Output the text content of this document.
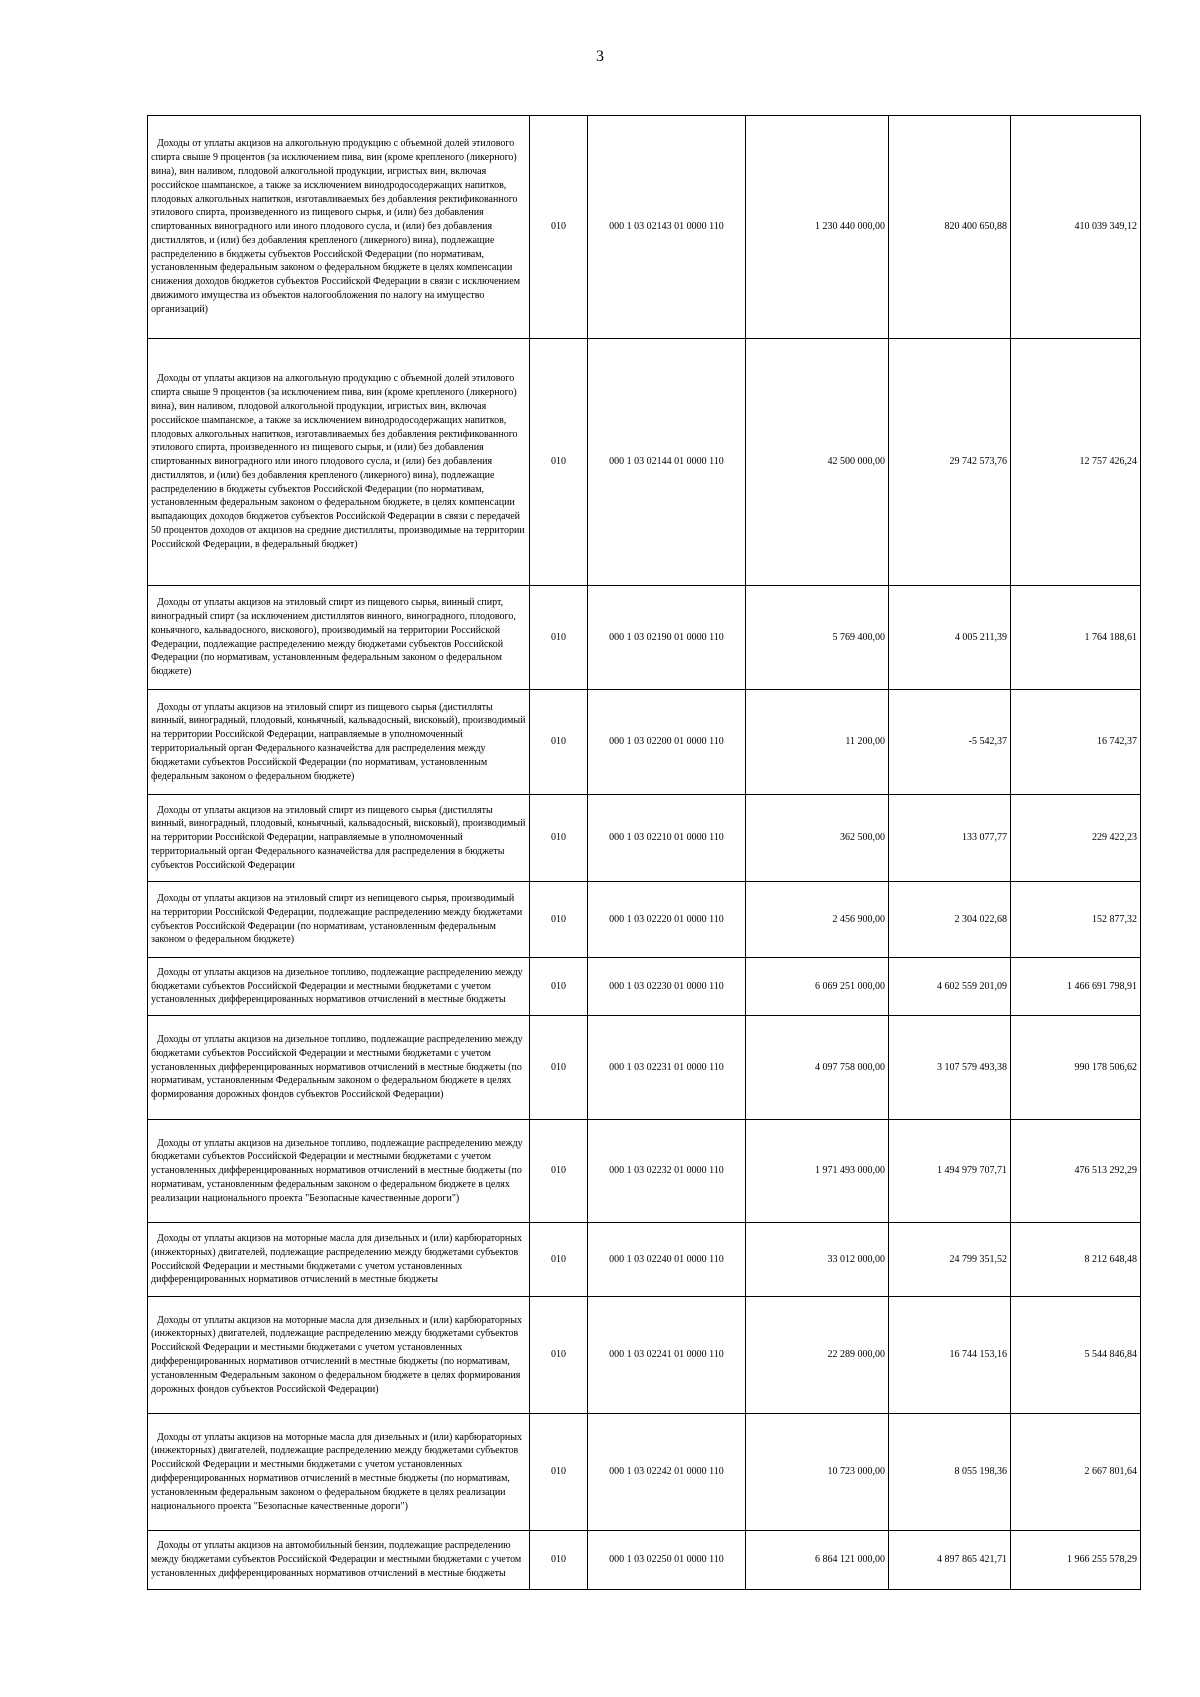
3
Доходы от уплаты акцизов на алкогольную продукцию с объемной долей этилового спирта свыше 9 процентов (за исключением пива, вин (кроме крепленого (ликерного) вина), вин наливом, плодовой алкогольной продукции, игристых вин, включая российское шампанское, а также за исключением винодродосодержащих напитков, плодовых алкогольных напитков, изготавливаемых без добавления ректификованного этилового спирта, произведенного из пищевого сырья, и (или) без добавления спиртованных виноградного или иного плодового сусла, и (или) без добавления дистиллятов, и (или) без добавления крепленого (ликерного) вина), подлежащие распределению в бюджеты субъектов Российской Федерации (по нормативам, установленным федеральным законом о федеральном бюджете в целях компенсации снижения доходов бюджетов субъектов Российской Федерации в связи с исключением движимого имущества из объектов налогообложения по налогу на имущество организаций)	010	000 1 03 02143 01 0000 110	1 230 440 000,00	820 400 650,88	410 039 349,12
Доходы от уплаты акцизов на алкогольную продукцию с объемной долей этилового спирта свыше 9 процентов (за исключением пива, вин (кроме крепленого (ликерного) вина), вин наливом, плодовой алкогольной продукции, игристых вин, включая российское шампанское, а также за исключением винодродосодержащих напитков, плодовых алкогольных напитков, изготавливаемых без добавления ректификованного этилового спирта, произведенного из пищевого сырья, и (или) без добавления спиртованных виноградного или иного плодового сусла, и (или) без добавления дистиллятов, и (или) без добавления крепленого (ликерного) вина), подлежащие распределению в бюджеты субъектов Российской Федерации (по нормативам, установленным федеральным законом о федеральном бюджете, в целях компенсации выпадающих доходов бюджетов субъектов Российской Федерации в связи с передачей 50 процентов доходов от акцизов на средние дистилляты, производимые на территории Российской Федерации, в федеральный бюджет)	010	000 1 03 02144 01 0000 110	42 500 000,00	29 742 573,76	12 757 426,24
Доходы от уплаты акцизов на этиловый спирт из пищевого сырья, винный спирт, виноградный спирт (за исключением дистиллятов винного, виноградного, плодового, коньячного, кальвадосного, вискового), производимый на территории Российской Федерации, подлежащие распределению между бюджетами субъектов Российской Федерации (по нормативам, установленным федеральным законом о федеральном бюджете)	010	000 1 03 02190 01 0000 110	5 769 400,00	4 005 211,39	1 764 188,61
Доходы от уплаты акцизов на этиловый спирт из пищевого сырья (дистилляты винный, виноградный, плодовый, коньячный, кальвадосный, висковый), производимый на территории Российской Федерации, направляемые в уполномоченный территориальный орган Федерального казначейства для распределения между бюджетами субъектов Российской Федерации (по нормативам, установленным федеральным законом о федеральном бюджете)	010	000 1 03 02200 01 0000 110	11 200,00	-5 542,37	16 742,37
Доходы от уплаты акцизов на этиловый спирт из пищевого сырья (дистилляты винный, виноградный, плодовый, коньячный, кальвадосный, висковый), производимый на территории Российской Федерации, направляемые в уполномоченный территориальный орган Федерального казначейства для распределения в бюджеты субъектов Российской Федерации	010	000 1 03 02210 01 0000 110	362 500,00	133 077,77	229 422,23
Доходы от уплаты акцизов на этиловый спирт из непищевого сырья, производимый на территории Российской Федерации, подлежащие распределению между бюджетами субъектов Российской Федерации (по нормативам, установленным федеральным законом о федеральном бюджете)	010	000 1 03 02220 01 0000 110	2 456 900,00	2 304 022,68	152 877,32
Доходы от уплаты акцизов на дизельное топливо, подлежащие распределению между бюджетами субъектов Российской Федерации и местными бюджетами с учетом установленных дифференцированных нормативов отчислений в местные бюджеты	010	000 1 03 02230 01 0000 110	6 069 251 000,00	4 602 559 201,09	1 466 691 798,91
Доходы от уплаты акцизов на дизельное топливо, подлежащие распределению между бюджетами субъектов Российской Федерации и местными бюджетами с учетом установленных дифференцированных нормативов отчислений в местные бюджеты (по нормативам, установленным Федеральным законом о федеральном бюджете в целях формирования дорожных фондов субъектов Российской Федерации)	010	000 1 03 02231 01 0000 110	4 097 758 000,00	3 107 579 493,38	990 178 506,62
Доходы от уплаты акцизов на дизельное топливо, подлежащие распределению между бюджетами субъектов Российской Федерации и местными бюджетами с учетом установленных дифференцированных нормативов отчислений в местные бюджеты (по нормативам, установленным федеральным законом о федеральном бюджете в целях реализации национального проекта "Безопасные качественные дороги")	010	000 1 03 02232 01 0000 110	1 971 493 000,00	1 494 979 707,71	476 513 292,29
Доходы от уплаты акцизов на моторные масла для дизельных и (или) карбюраторных (инжекторных) двигателей, подлежащие распределению между бюджетами субъектов Российской Федерации и местными бюджетами с учетом установленных дифференцированных нормативов отчислений в местные бюджеты	010	000 1 03 02240 01 0000 110	33 012 000,00	24 799 351,52	8 212 648,48
Доходы от уплаты акцизов на моторные масла для дизельных и (или) карбюраторных (инжекторных) двигателей, подлежащие распределению между бюджетами субъектов Российской Федерации и местными бюджетами с учетом установленных дифференцированных нормативов отчислений в местные бюджеты (по нормативам, установленным Федеральным законом о федеральном бюджете в целях формирования дорожных фондов субъектов Российской Федерации)	010	000 1 03 02241 01 0000 110	22 289 000,00	16 744 153,16	5 544 846,84
Доходы от уплаты акцизов на моторные масла для дизельных и (или) карбюраторных (инжекторных) двигателей, подлежащие распределению между бюджетами субъектов Российской Федерации и местными бюджетами с учетом установленных дифференцированных нормативов отчислений в местные бюджеты (по нормативам, установленным федеральным законом о федеральном бюджете в целях реализации национального проекта "Безопасные качественные дороги")	010	000 1 03 02242 01 0000 110	10 723 000,00	8 055 198,36	2 667 801,64
Доходы от уплаты акцизов на автомобильный бензин, подлежащие распределению между бюджетами субъектов Российской Федерации и местными бюджетами с учетом установленных дифференцированных нормативов отчислений в местные бюджеты	010	000 1 03 02250 01 0000 110	6 864 121 000,00	4 897 865 421,71	1 966 255 578,29
